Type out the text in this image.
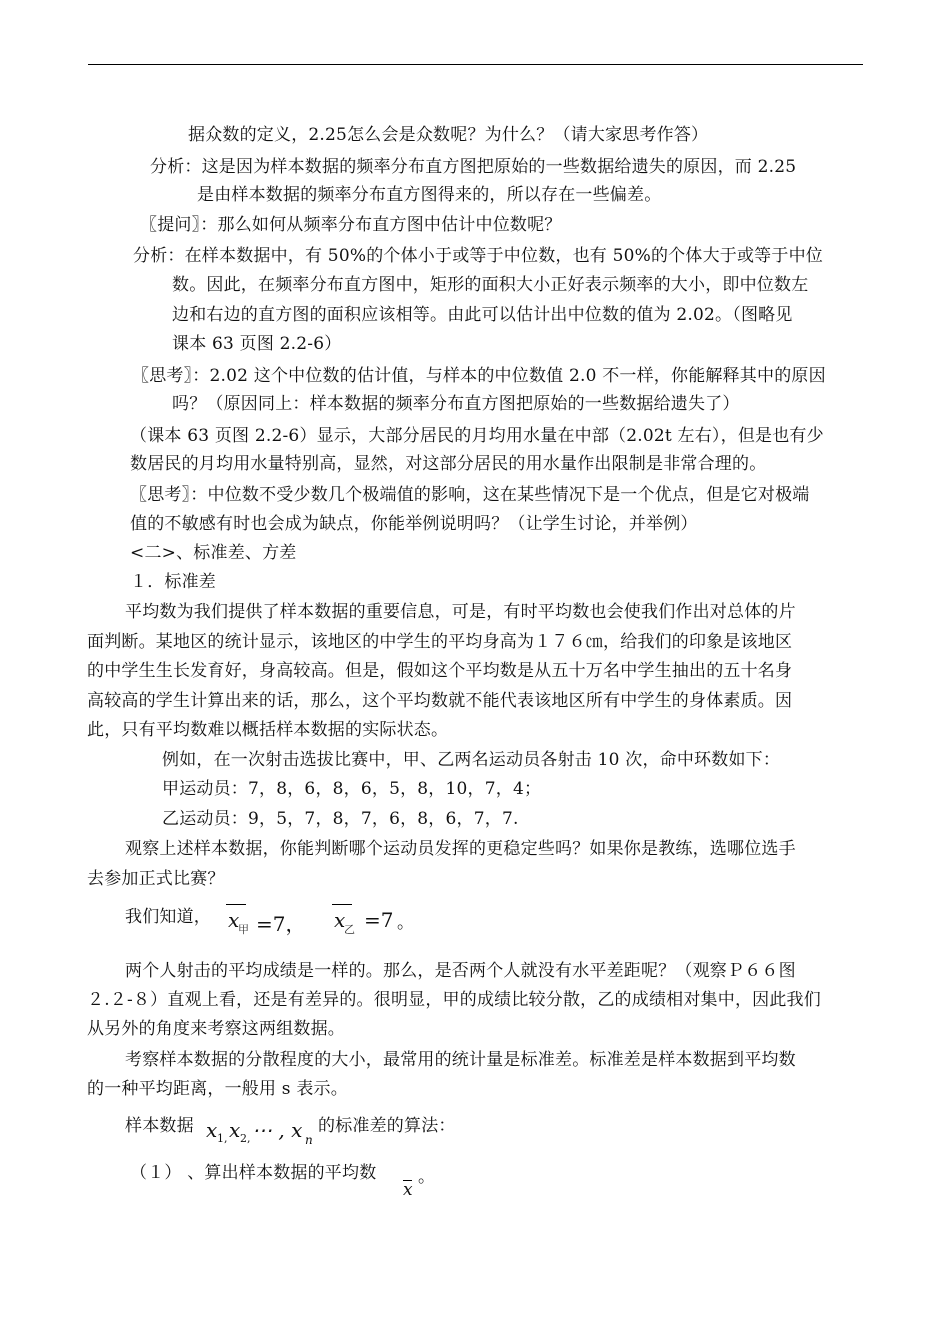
据众数的定义，2.25怎么会是众数呢？为什么？（请大家思考作答）
分析：这是因为样本数据的频率分布直方图把原始的一些数据给遗失的原因，而 2.25
是由样本数据的频率分布直方图得来的，所以存在一些偏差。
〖提问〗：那么如何从频率分布直方图中估计中位数呢？
分析：在样本数据中，有 50%的个体小于或等于中位数，也有 50%的个体大于或等于中位
数。因此，在频率分布直方图中，矩形的面积大小正好表示频率的大小，即中位数左
边和右边的直方图的面积应该相等。由此可以估计出中位数的值为 2.02。（图略见
课本 63 页图 2.2-6）
〖思考〗：2.02 这个中位数的估计值，与样本的中位数值 2.0 不一样，你能解释其中的原因
吗？（原因同上：样本数据的频率分布直方图把原始的一些数据给遗失了）
（课本 63 页图 2.2-6）显示，大部分居民的月均用水量在中部（2.02t 左右），但是也有少
数居民的月均用水量特别高，显然，对这部分居民的用水量作出限制是非常合理的。
〖思考〗：中位数不受少数几个极端值的影响，这在某些情况下是一个优点，但是它对极端
值的不敏感有时也会成为缺点，你能举例说明吗？（让学生讨论，并举例）
<二>、标准差、方差
１．标准差
平均数为我们提供了样本数据的重要信息，可是，有时平均数也会使我们作出对总体的片
面判断。某地区的统计显示，该地区的中学生的平均身高为１７６㎝，给我们的印象是该地区
的中学生生长发育好，身高较高。但是，假如这个平均数是从五十万名中学生抽出的五十名身
高较高的学生计算出来的话，那么，这个平均数就不能代表该地区所有中学生的身体素质。因
此，只有平均数难以概括样本数据的实际状态。
例如，在一次射击选拔比赛中，甲、乙两名运动员各射击 10 次，命中环数如下：
甲运动员：7，8，6，8，6，5，8，10，7，4；
乙运动员：9，5，7，8，7，6，8，6，7，7.
观察上述样本数据，你能判断哪个运动员发挥的更稳定些吗？如果你是教练，选哪位选手
去参加正式比赛？
我们知道， x
甲 =7， x
乙 =7 。
两个人射击的平均成绩是一样的。那么，是否两个人就没有水平差距呢？（观察Ｐ６６图
２.２-８）直观上看，还是有差异的。很明显，甲的成绩比较分散，乙的成绩相对集中，因此我们
从另外的角度来考察这两组数据。
考察样本数据的分散程度的大小，最常用的统计量是标准差。标准差是样本数据到平均数
的一种平均距离，一般用 s 表示。
样本数据 x 1, x 2, ⋯ , x n
的标准差的算法：
（１） 、算出样本数据的平均数
x
。
